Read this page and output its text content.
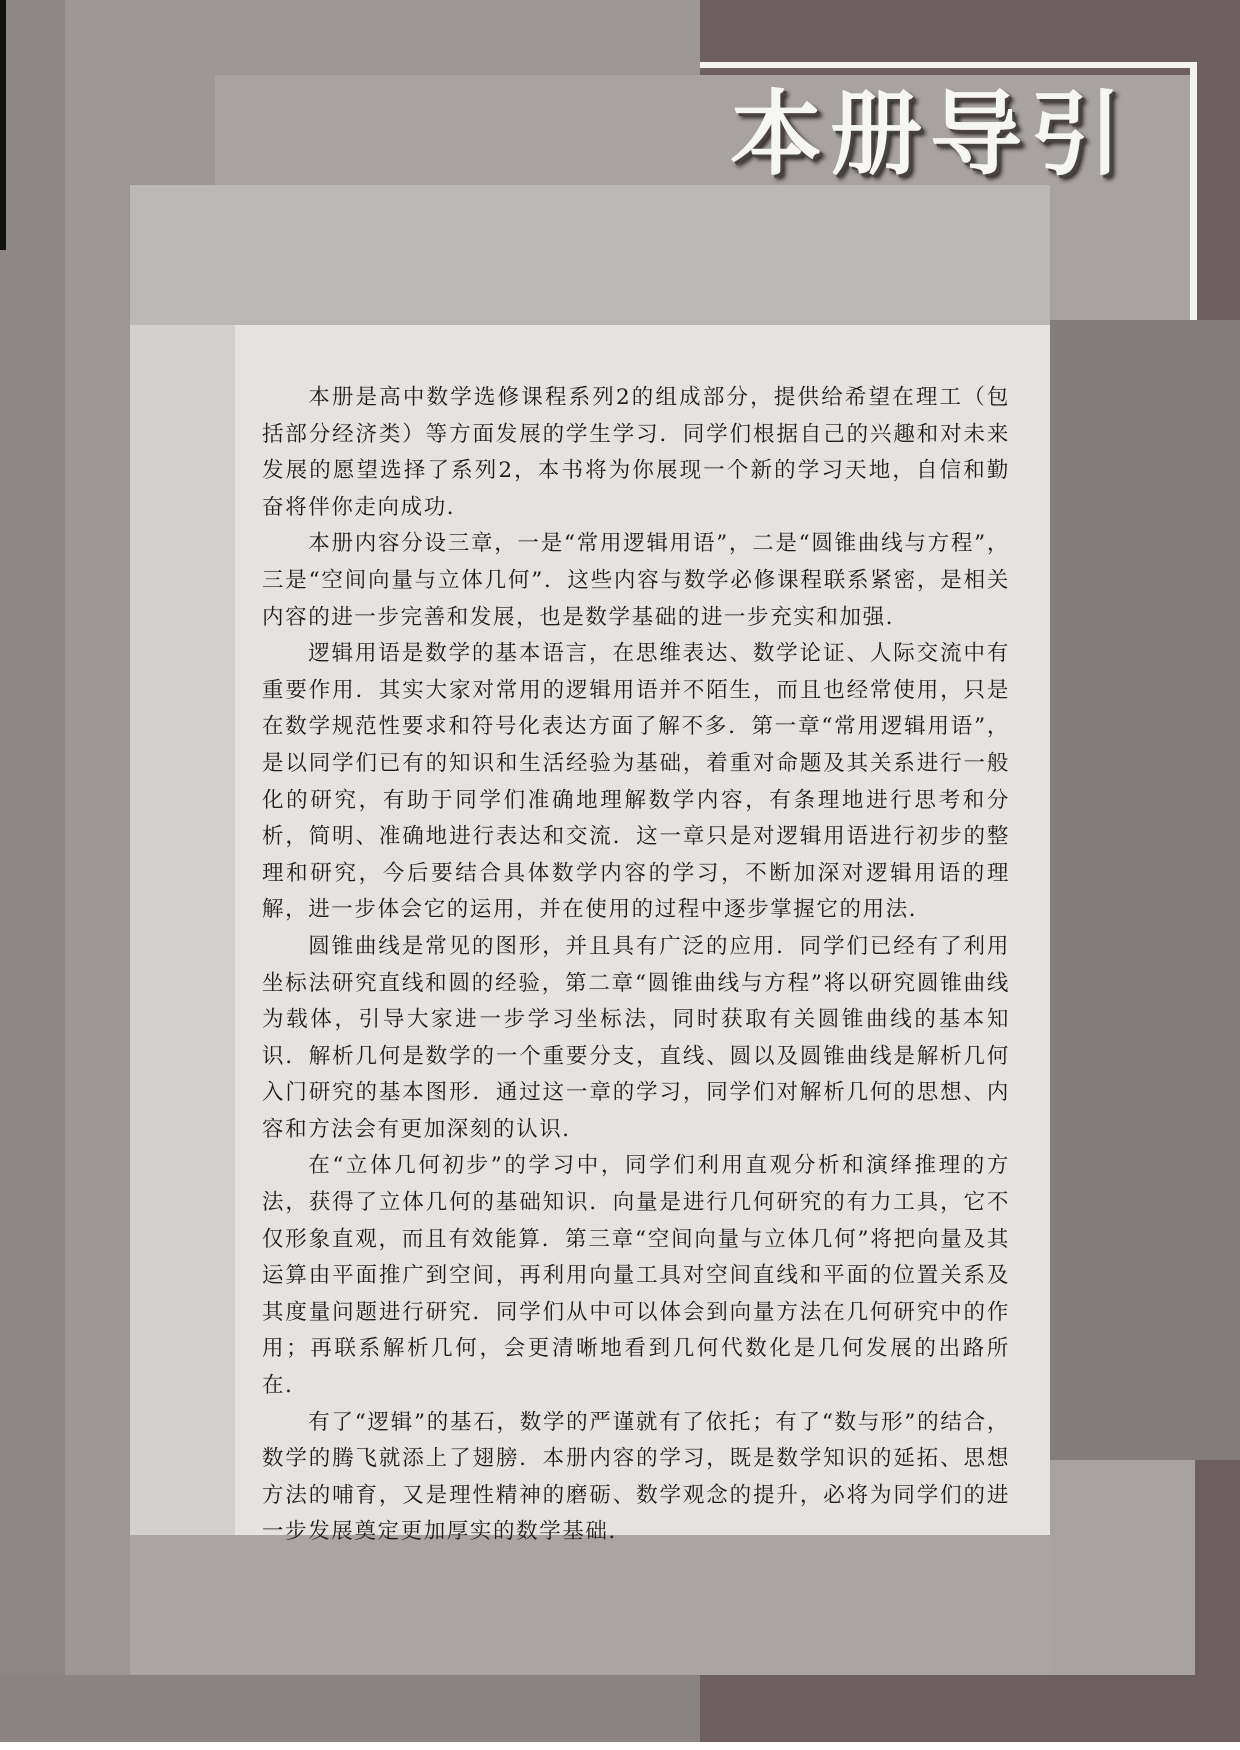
本册导引

本册是高中数学选修课程系列2的组成部分，提供给希望在理工（包括部分经济类）等方面发展的学生学习．同学们根据自己的兴趣和对未来发展的愿望选择了系列2，本书将为你展现一个新的学习天地，自信和勤奋将伴你走向成功．

本册内容分设三章，一是“常用逻辑用语”，二是“圆锥曲线与方程”，三是“空间向量与立体几何”．这些内容与数学必修课程联系紧密，是相关内容的进一步完善和发展，也是数学基础的进一步充实和加强．

逻辑用语是数学的基本语言，在思维表达、数学论证、人际交流中有重要作用．其实大家对常用的逻辑用语并不陌生，而且也经常使用，只是在数学规范性要求和符号化表达方面了解不多．第一章“常用逻辑用语”，是以同学们已有的知识和生活经验为基础，着重对命题及其关系进行一般化的研究，有助于同学们准确地理解数学内容，有条理地进行思考和分析，简明、准确地进行表达和交流．这一章只是对逻辑用语进行初步的整理和研究，今后要结合具体数学内容的学习，不断加深对逻辑用语的理解，进一步体会它的运用，并在使用的过程中逐步掌握它的用法．

圆锥曲线是常见的图形，并且具有广泛的应用．同学们已经有了利用坐标法研究直线和圆的经验，第二章“圆锥曲线与方程”将以研究圆锥曲线为载体，引导大家进一步学习坐标法，同时获取有关圆锥曲线的基本知识．解析几何是数学的一个重要分支，直线、圆以及圆锥曲线是解析几何入门研究的基本图形．通过这一章的学习，同学们对解析几何的思想、内容和方法会有更加深刻的认识．

在“立体几何初步”的学习中，同学们利用直观分析和演绎推理的方法，获得了立体几何的基础知识．向量是进行几何研究的有力工具，它不仅形象直观，而且有效能算．第三章“空间向量与立体几何”将把向量及其运算由平面推广到空间，再利用向量工具对空间直线和平面的位置关系及其度量问题进行研究．同学们从中可以体会到向量方法在几何研究中的作用；再联系解析几何，会更清晰地看到几何代数化是几何发展的出路所在．

有了“逻辑”的基石，数学的严谨就有了依托；有了“数与形”的结合，数学的腾飞就添上了翅膀．本册内容的学习，既是数学知识的延拓、思想方法的哺育，又是理性精神的磨砺、数学观念的提升，必将为同学们的进一步发展奠定更加厚实的数学基础．
